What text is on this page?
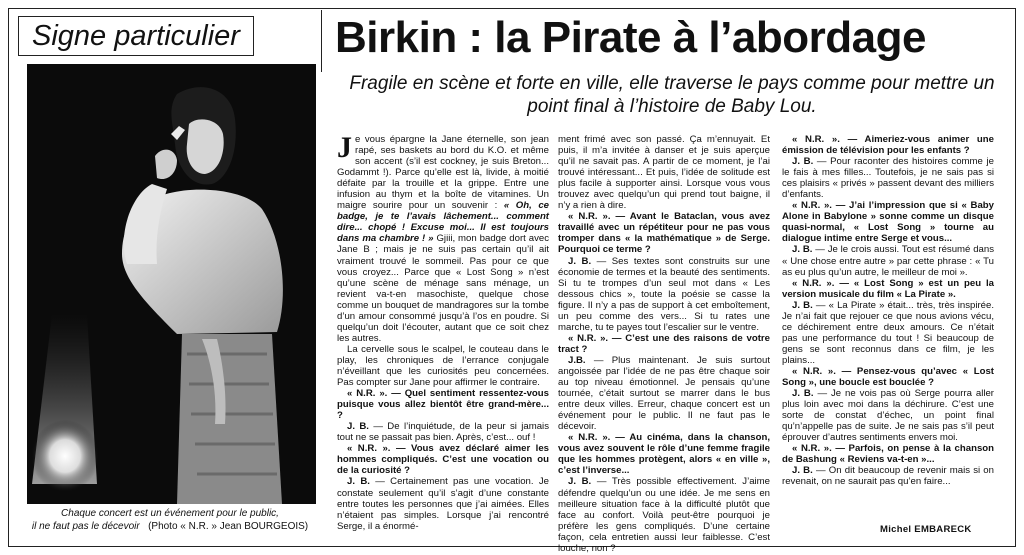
Signe particulier	Birkin : la Pirate à l’abordage
Fragile en scène et forte en ville, elle traverse le pays comme pour mettre un point final à l’histoire de Baby Lou.
Chaque concert est un événement pour le public,
il ne faut pas le décevoir (Photo « N.R. » Jean BOURGEOIS)

Je vous épargne la Jane éternelle, son jean rapé, ses baskets au bord du K.O. et même son accent (s’il est cockney, je suis Breton... Godammt !). Parce qu’elle est là, livide, à moitié défaite par la trouille et la grippe. Entre une infusion au thym et la boîte de vitamines. Un maigre sourire pour un souvenir : « Oh, ce badge, je te l’avais lâchement... comment dire... chopé ! Excuse moi... Il est toujours dans ma chambre ! » Gjiii, mon badge dort avec Jane B ; mais je ne suis pas certain qu’il ait vraiment trouvé le sommeil. Pas pour ce que vous croyez... Parce que « Lost Song » n’est qu’une scène de ménage sans ménage, un revient va-t-en masochiste, quelque chose comme un bouquet de mandragores sur la tombe d’un amour consommé jusqu’à l’os en poudre. Si quelqu’un doit l’écouter, autant que ce soit chez les autres.

La cervelle sous le scalpel, le couteau dans le play, les chroniques de l’errance conjugale n’éveillant que les curiosités peu concernées. Pas compter sur Jane pour affirmer le contraire.

« N.R. ». — Quel sentiment ressentez-vous puisque vous allez bientôt être grand-mère... ?

J. B. — De l’inquiétude, de la peur si jamais tout ne se passait pas bien. Après, c’est... ouf !

« N.R. ». — Vous avez déclaré aimer les hommes compliqués. C’est une vocation ou de la curiosité ?

J. B. — Certainement pas une vocation. Je constate seulement qu’il s’agit d’une constante entre toutes les personnes que j’ai aimées. Elles n’étaient pas simples. Lorsque j’ai rencontré Serge, il a énormé-

ment frimé avec son passé. Ça m’ennuyait. Et puis, il m’a invitée à danser et je suis aperçue qu’il ne savait pas. A partir de ce moment, je l’ai trouvé intéressant... Et puis, l’idée de solitude est plus facile à supporter ainsi. Lorsque vous vous trouvez avec quelqu’un qui prend tout baigne, il n’y a rien à dire.

« N.R. ». — Avant le Bataclan, vous avez travaillé avec un répétiteur pour ne pas vous tromper dans « la mathématique » de Serge. Pourquoi ce terme ?

J. B. — Ses textes sont construits sur une économie de termes et la beauté des sentiments. Si tu te trompes d’un seul mot dans « Les dessous chics », toute la poésie se casse la figure. Il n’y a pas de support à cet emboîtement, un peu comme des vers... Si tu rates une marche, tu te payes tout l’escalier sur le ventre.

« N.R. ». — C’est une des raisons de votre tract ?

J.B. — Plus maintenant. Je suis surtout angoissée par l’idée de ne pas être chaque soir au top niveau émotionnel. Je pensais qu’une tournée, c’était surtout se marrer dans le bus entre deux villes. Erreur, chaque concert est un événement pour le public. Il ne faut pas le décevoir.

« N.R. ». — Au cinéma, dans la chanson, vous avez souvent le rôle d’une femme fragile que les hommes protègent, alors « en ville », c’est l’inverse...

J. B. — Très possible effectivement. J’aime défendre quelqu’un ou une idée. Je me sens en meilleure situation face à la difficulté plutôt que face au confort. Voilà peut-être pourquoi je préfère les gens compliqués. D’une certaine façon, cela entretien aussi leur faiblesse. C’est louche, non ?

« N.R. ». — Aimeriez-vous animer une émission de télévision pour les enfants ?

J. B. — Pour raconter des histoires comme je le fais à mes filles... Toutefois, je ne sais pas si ces plaisirs « privés » passent devant des milliers d’enfants.

« N.R. ». — J’ai l’impression que si « Baby Alone in Babylone » sonne comme un disque quasi-normal, « Lost Song » tourne au dialogue intime entre Serge et vous...

J. B. — Je le crois aussi. Tout est résumé dans « Une chose entre autre » par cette phrase : « Tu as eu plus qu’un autre, le meilleur de moi ».

« N.R. ». — « Lost Song » est un peu la version musicale du film « La Pirate ».

J. B. — « La Pirate » était... très, très inspirée. Je n’ai fait que rejouer ce que nous avions vécu, ce déchirement entre deux amours. Ce n’était pas une performance du tout ! Si beaucoup de gens se sont reconnus dans ce film, je les plains...

« N.R. ». — Pensez-vous qu’avec « Lost Song », une boucle est bouclée ?

J. B. — Je ne vois pas où Serge pourra aller plus loin avec moi dans la déchirure. C’est une sorte de constat d’échec, un point final qu’n’appelle pas de suite. Je ne sais pas s’il peut éprouver d’autres sentiments envers moi.

« N.R. ». — Parfois, on pense à la chanson de Bashung « Reviens va-t-en »...

J. B. — On dit beaucoup de revenir mais si on revenait, on ne saurait pas qu’en faire...

Michel EMBARECK
